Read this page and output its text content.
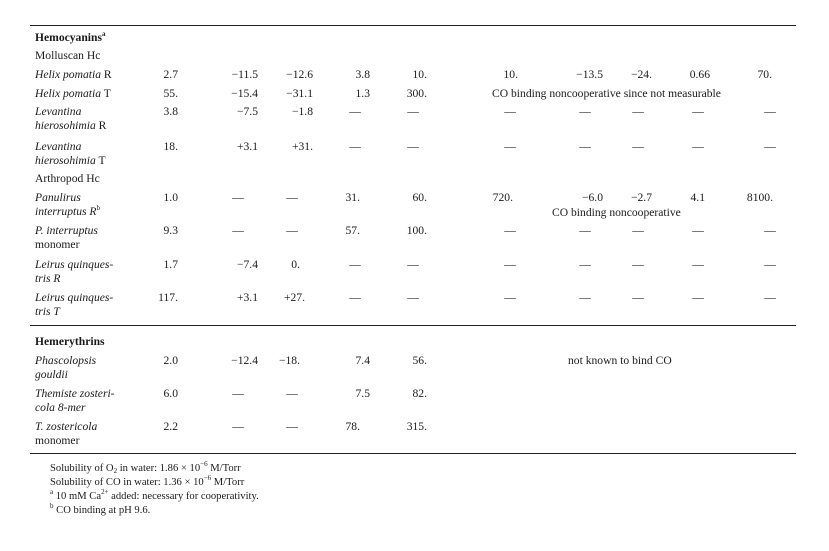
Hemocyanins$^a$
Molluscan Hc
Helix pomatia R	2.7	−11.5	−12.6	3.8	10.	10.	−13.5	−24.	0.66	70.
Helix pomatia T	55.	−15.4	−31.1	1.3	300.	CO binding noncooperative since not measurable
Levantina
hierosohimia R
3.8	−7.5	−1.8	—	—	—	—	—	—	—
Levantina
hierosohimia T
18.	+3.1	+31.	—	—	—	—	—	—	—
Arthropod Hc
Panulirus
interruptus $R^b$
1.0	—	—	31.	60.	720.	−6.0	−2.7	4.1	8100.
CO binding noncooperative
P. interruptus
monomer
9.3	—	—	57.	100.	—	—	—	—	—
Leirus quinques-
tris R
1.7	−7.4	0.	—	—	—	—	—	—	—
Leirus quinques-
tris T
117.	+3.1	+27.	—	—	—	—	—	—	—
Hemerythrins
Phascolopsis
gouldii
2.0	−12.4	−18.	7.4	56.	not known to bind CO
Themiste zosteri-
cola 8-mer
6.0	—	—	7.5	82.
T. zostericola
monomer
2.2	—	—	78.	315.
Solubility of $O_2$ in water: $1.86 \times 10^{-6}$ M/Torr
Solubility of CO in water: $1.36 \times 10^{-6}$ M/Torr
$^a$ 10 mM $Ca^{2+}$ added: necessary for cooperativity.
$^b$ CO binding at pH 9.6.
